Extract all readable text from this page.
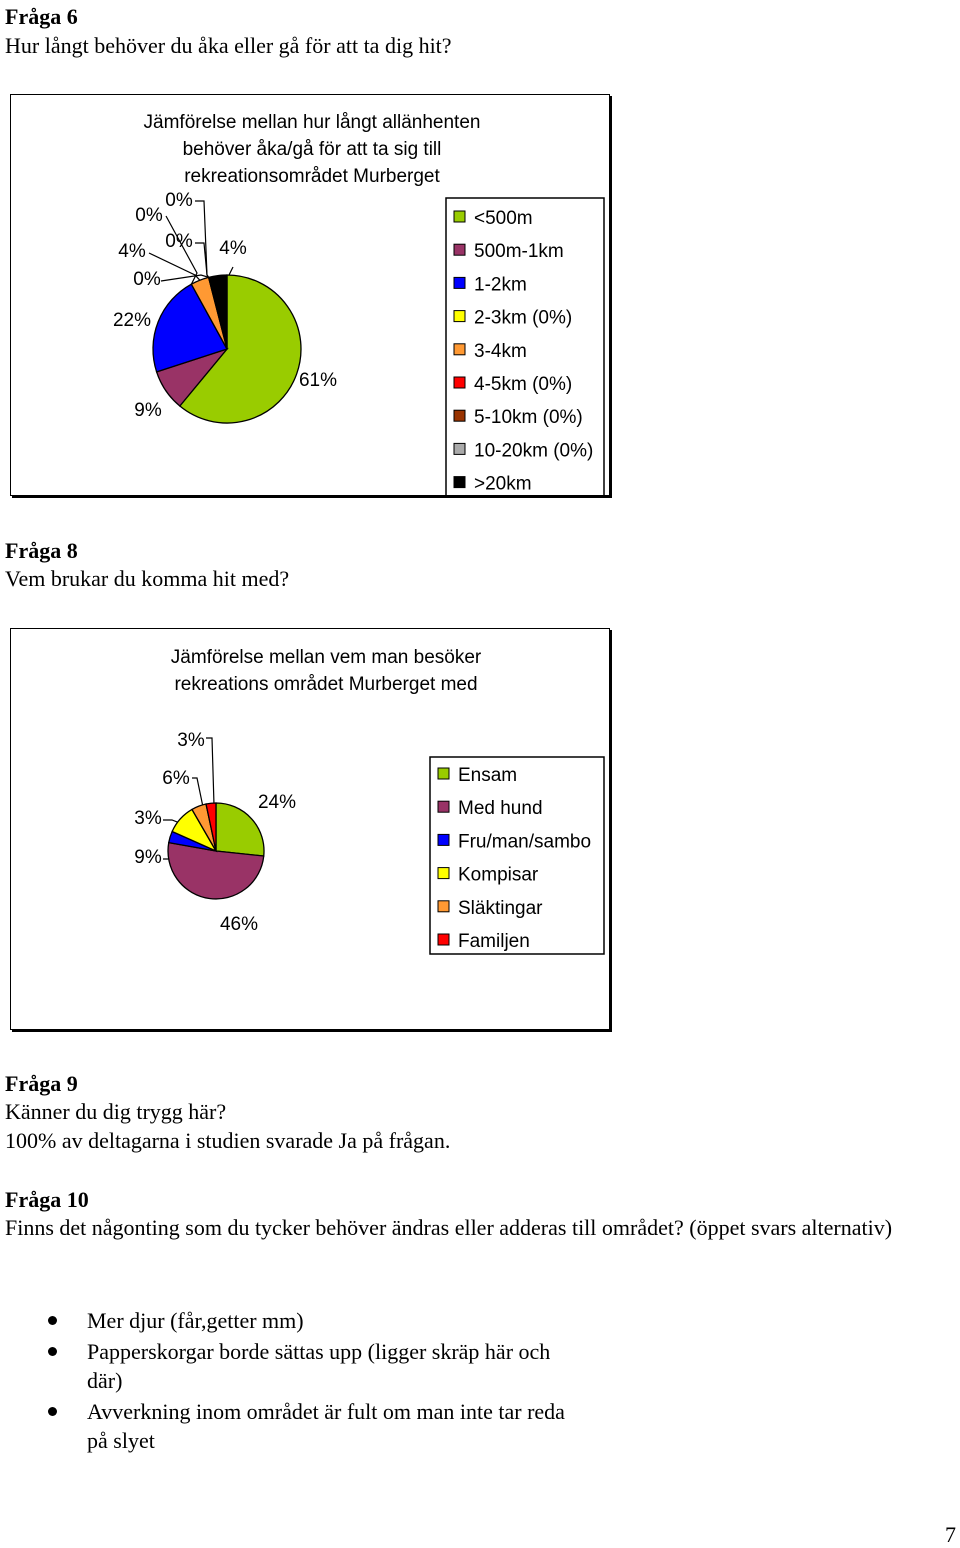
Fråga 6
Hur långt behöver du åka eller gå för att ta dig hit?
Jämförelse mellan hur långt allänhenten
behöver åka/gå för att ta sig till
rekreationsområdet Murberget
61%
9%
22%
0%
4%
0%
0%
0%
4%
<500m
500m-1km
1-2km
2-3km (0%)
3-4km
4-5km (0%)
5-10km (0%)
10-20km (0%)
>20km
Fråga 8
Vem brukar du komma hit med?
Jämförelse mellan vem man besöker
rekreations området Murberget med
24%
46%
3%
9%
6%
3%
Ensam
Med hund
Fru/man/sambo
Kompisar
Släktingar
Familjen
Fråga 9
Känner du dig trygg här?
100% av deltagarna i studien svarade Ja på frågan.
Fråga 10
Finns det någonting som du tycker behöver ändras eller adderas till området? (öppet svars alternativ)
Mer djur (får,getter mm)
Papperskorgar borde sättas upp (ligger skräp här och där)
Avverkning inom området är fult om man inte tar reda på slyet
7
